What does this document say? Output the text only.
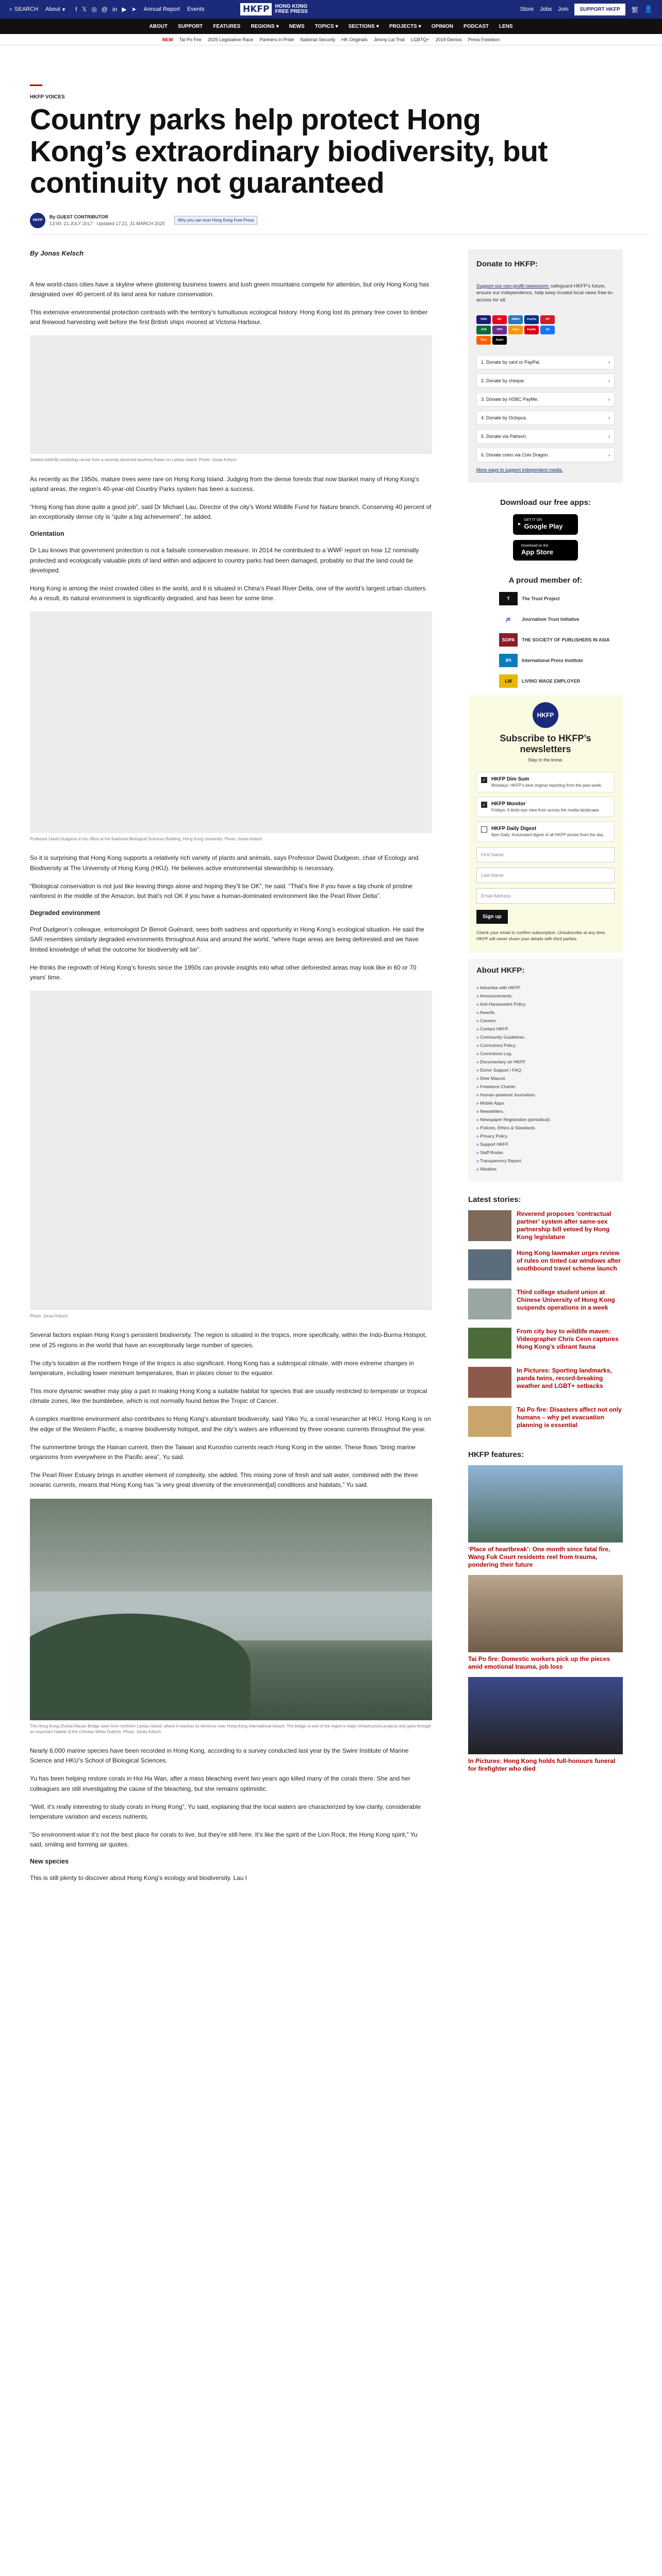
⌕ SEARCH About ▾ f 𝕏 ◎ @ in ▶ ➤ Annual Report Events	HKFP	HONG KONG
FREE PRESS	Store Jobs Join	SUPPORT HKFP	繁 👤
ABOUT SUPPORT FEATURES REGIONS ▾ NEWS TOPICS ▾ SECTIONS ▾ PROJECTS ▾ OPINION PODCAST LENS
NEW Tai Po Fire 2025 Legislative Race Partners in Pride National Security HK Originals Jimmy Lai Trial LGBTQ+ 2019 Demos Press Freedom
HKFP VOICES
Country parks help protect Hong Kong’s extraordinary biodiversity, but continuity not guaranteed
HKFP
By GUEST CONTRIBUTOR
13:00, 21 JULY 2017 · Updated 17:21, 31 MARCH 2025
Why you can trust Hong Kong Free Press
By Jonas Kelsch

A few world-class cities have a skyline where glistening business towers and lush green mountains compete for attention, but only Hong Kong has designated over 40 percent of its land area for nature conservation.

This extensive environmental protection contrasts with the territory’s tumultuous ecological history. Hong Kong lost its primary tree cover to timber and firewood harvesting well before the first British ships moored at Victoria Harbour.

Jointed butterfly extracting nectar from a recently bloomed bauhinia flower on Lantau Island. Photo: Jonas Kelsch.

As recently as the 1950s, mature trees were rare on Hong Kong Island. Judging from the dense forests that now blanket many of Hong Kong’s upland areas, the region’s 40-year-old Country Parks system has been a success.

“Hong Kong has done quite a good job”, said Dr Michael Lau, Director of the city’s World Wildlife Fund for Nature branch. Conserving 40 percent of an exceptionally dense city is “quite a big achievement”, he added.

Orientation

Dr Lau knows that government protection is not a failsafe conservation measure. In 2014 he contributed to a WWF report on how 12 nominally protected and ecologically valuable plots of land within and adjacent to country parks had been damaged, probably so that the land could be developed.

Hong Kong is among the most crowded cities in the world, and it is situated in China’s Pearl River Delta, one of the world’s largest urban clusters. As a result, its natural environment is significantly degraded, and has been for some time.

Professor David Dudgeon in his office at the Kadoorie Biological Sciences Building, Hong Kong University. Photo: Jonas Kelsch.

So it is surprising that Hong Kong supports a relatively rich variety of plants and animals, says Professor David Dudgeon, chair of Ecology and Biodiversity at The University of Hong Kong (HKU). He believes active environmental stewardship is necessary.

“Biological conservation is not just like leaving things alone and hoping they’ll be OK”, he said. “That’s fine if you have a big chunk of pristine rainforest in the middle of the Amazon, but that’s not OK if you have a human-dominated environment like the Pearl River Delta”.

Degraded environment

Prof Dudgeon’s colleague, entomologist Dr Benoit Guénard, sees both sadness and opportunity in Hong Kong’s ecological situation. He said the SAR resembles similarly degraded environments throughout Asia and around the world, “where huge areas are being deforested and we have limited knowledge of what the outcome for biodiversity will be”.

He thinks the regrowth of Hong Kong’s forests since the 1950s can provide insights into what other deforested areas may look like in 60 or 70 years’ time.

Photo: Jonas Kelsch.

Several factors explain Hong Kong’s persistent biodiversity. The region is situated in the tropics, more specifically, within the Indo-Burma Hotspot, one of 25 regions in the world that have an exceptionally large number of species.

The city’s location at the northern fringe of the tropics is also significant. Hong Kong has a subtropical climate, with more extreme changes in temperature, including lower minimum temperatures, than in places closer to the equator.

This more dynamic weather may play a part in making Hong Kong a suitable habitat for species that are usually restricted to temperate or tropical climate zones, like the bumblebee, which is not normally found below the Tropic of Cancer.

A complex maritime environment also contributes to Hong Kong’s abundant biodiversity, said Yiiko Yu, a coral researcher at HKU. Hong Kong is on the edge of the Western Pacific, a marine biodiversity hotspot, and the city’s waters are influenced by three oceanic currents throughout the year.

The summertime brings the Hainan current, then the Taiwan and Kuroshio currents reach Hong Kong in the winter. These flows “bring marine organisms from everywhere in the Pacific area”, Yu said.

The Pearl River Estuary brings in another element of complexity, she added. This mixing zone of fresh and salt water, combined with the three oceanic currents, means that Hong Kong has “a very great diversity of the environment[al] conditions and habitats,” Yu said.

The Hong Kong-Zhuhai-Macao Bridge seen from northern Lantau Island, where it reaches its terminus near Hong Kong International Airport. The bridge is one of the region’s major infrastructure projects and goes through an important habitat of the Chinese White Dolphin. Photo: Jonas Kelsch.

Nearly 6,000 marine species have been recorded in Hong Kong, according to a survey conducted last year by the Swire Institute of Marine Science and HKU’s School of Biological Sciences.

Yu has been helping restore corals in Hoi Ha Wan, after a mass bleaching event two years ago killed many of the corals there. She and her colleagues are still investigating the cause of the bleaching, but she remains optimistic.

“Well, it’s really interesting to study corals in Hong Kong”, Yu said, explaining that the local waters are characterized by low clarity, considerable temperature variation and excess nutrients.

“So environment-wise it’s not the best place for corals to live, but they’re still here. It’s like the spirit of the Lion Rock, the Hong Kong spirit,” Yu said, smiling and forming air quotes.

New species

This is still plenty to discover about Hong Kong’s ecology and biodiversity. Lau l

Donate to HKFP:
Support our non-profit newsroom: safeguard HKFP’s future, ensure our independence, help keep trusted local news free-to-access for all.
VISA	MC	AMEX	PayPal	UP
JCB	FPS	Octo	PayMe	Ali
Disc	Apple
1. Donate by card or PayPal.	›
2. Donate by cheque.	›
3. Donate by HSBC PayMe.	›
4. Donate by Octopus.	›
5. Donate via Patreon.	›
6. Donate coins via Coin Dragon.	›
More ways to support independent media.
Download our free apps:
▶
GET IT ON
Google Play
Download on the
App Store
A proud member of:
T	The Trust Project
jti	Journalism Trust Initiative
SOPA	THE SOCIETY OF PUBLISHERS IN ASIA
IPI	International Press Institute
LW	LIVING WAGE EMPLOYER
HKFP
Subscribe to HKFP’s newsletters
Stay in the know.
✓ HKFP Dim Sum
Mondays: HKFP’s best original reporting from the past week.
✓ HKFP Monitor
Fridays: A birds-eye view from across the media landscape.
HKFP Daily Digest
9pm Daily: Automated digest of all HKFP stories from the day.
First Name
Last Name
Email Address
Sign up
Check your email to confirm subscription. Unsubscribe at any time. HKFP will never share your details with third parties.
About HKFP:
» Advertise with HKFP.
» Announcements.
» Anti-Harassment Policy.
» Awards.
» Careers.
» Contact HKFP.
» Community Guidelines.
» Corrections Policy.
» Corrections Log.
» Documentary on HKFP.
» Donor Support / FAQ.
» Deer Mascot.
» Freelance Charter.
» Human-powered Journalism.
» Mobile Apps.
» Newsletters.
» Newspaper Registration (periodical).
» Policies, Ethics & Standards.
» Privacy Policy.
» Support HKFP.
» Staff Roster.
» Transparency Report.
» Weather.
Latest stories:

Reverend proposes ‘contractual partner’ system after same-sex partnership bill vetoed by Hong Kong legislature

Hong Kong lawmaker urges review of rules on tinted car windows after southbound travel scheme launch

Third college student union at Chinese University of Hong Kong suspends operations in a week

From city boy to wildlife maven: Videographer Chris Ceon captures Hong Kong’s vibrant fauna

In Pictures: Sporting landmarks, panda twins, record-breaking weather and LGBT+ setbacks

Tai Po fire: Disasters affect not only humans – why pet evacuation planning is essential

HKFP features:

‘Place of heartbreak’: One month since fatal fire, Wang Fuk Court residents reel from trauma, pondering their future

Tai Po fire: Domestic workers pick up the pieces amid emotional trauma, job loss

In Pictures: Hong Kong holds full-honours funeral for firefighter who died
